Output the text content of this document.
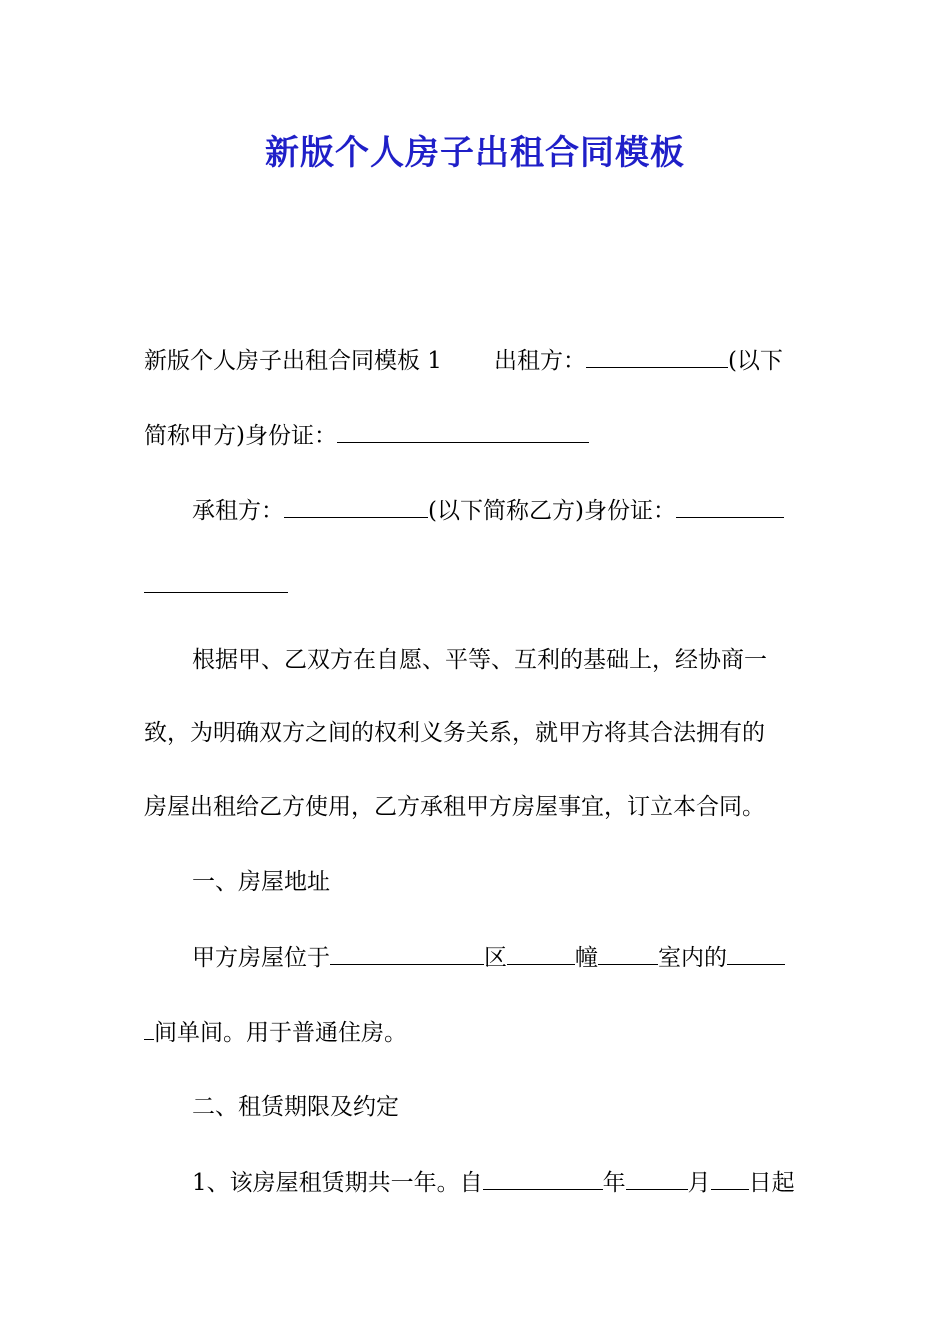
新版个人房子出租合同模板
新版个人房子出租合同模板 1 出租方：	(以下
简称甲方)身份证：
承租方：	(以下简称乙方)身份证：
根据甲、乙双方在自愿、平等、互利的基础上，经协商一
致，为明确双方之间的权利义务关系，就甲方将其合法拥有的
房屋出租给乙方使用，乙方承租甲方房屋事宜，订立本合同。
一、房屋地址
甲方房屋位于	区	幢	室内的
间单间。用于普通住房。
二、租赁期限及约定
1、该房屋租赁期共一年。自	年	月 日起
